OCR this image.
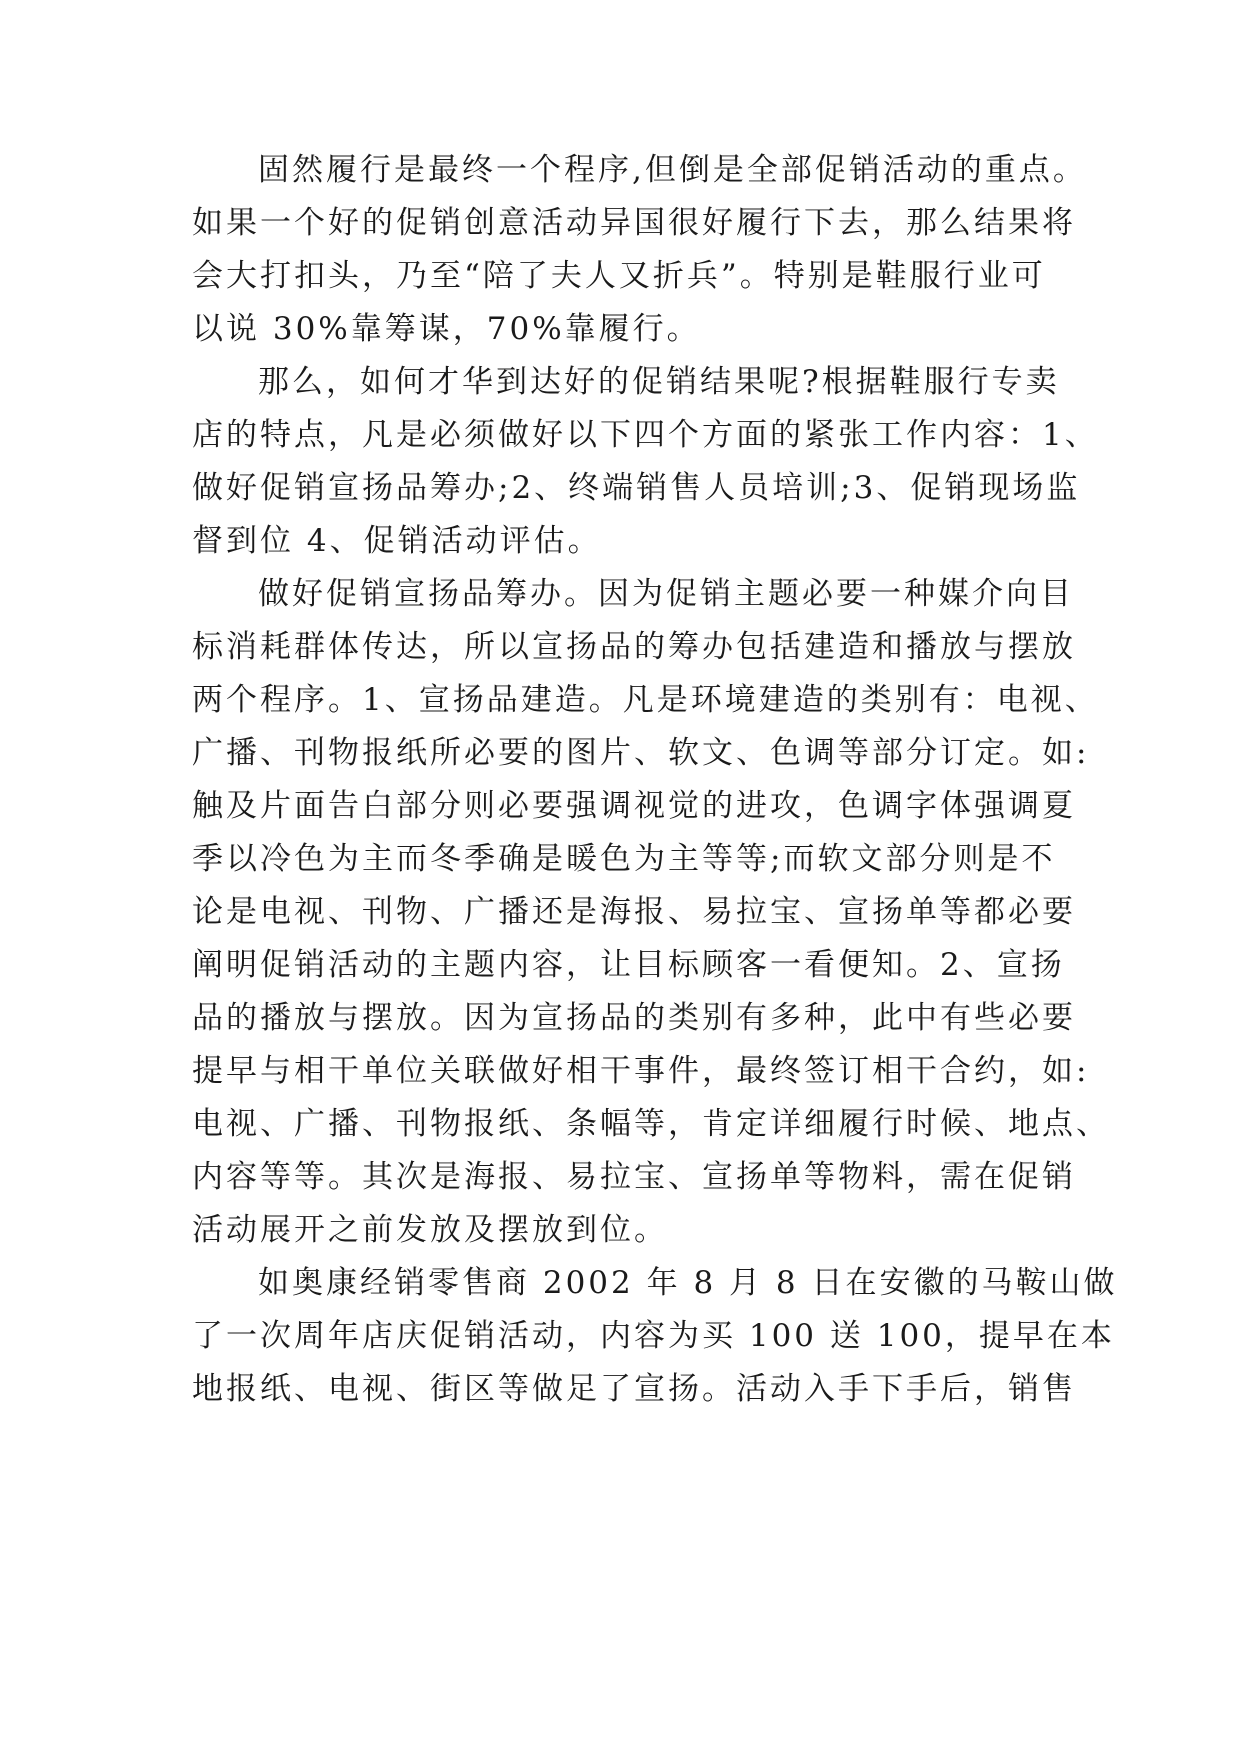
固然履行是最终一个程序,但倒是全部促销活动的重点。
如果一个好的促销创意活动异国很好履行下去，那么结果将
会大打扣头，乃至“陪了夫人又折兵”。特别是鞋服行业可
以说 30%靠筹谋，70%靠履行。
那么，如何才华到达好的促销结果呢?根据鞋服行专卖
店的特点，凡是必须做好以下四个方面的紧张工作内容：1、
做好促销宣扬品筹办;2、终端销售人员培训;3、促销现场监
督到位 4、促销活动评估。
做好促销宣扬品筹办。因为促销主题必要一种媒介向目
标消耗群体传达，所以宣扬品的筹办包括建造和播放与摆放
两个程序。1、宣扬品建造。凡是环境建造的类别有：电视、
广播、刊物报纸所必要的图片、软文、色调等部分订定。如:
触及片面告白部分则必要强调视觉的进攻，色调字体强调夏
季以冷色为主而冬季确是暖色为主等等;而软文部分则是不
论是电视、刊物、广播还是海报、易拉宝、宣扬单等都必要
阐明促销活动的主题内容，让目标顾客一看便知。2、宣扬
品的播放与摆放。因为宣扬品的类别有多种，此中有些必要
提早与相干单位关联做好相干事件，最终签订相干合约，如:
电视、广播、刊物报纸、条幅等，肯定详细履行时候、地点、
内容等等。其次是海报、易拉宝、宣扬单等物料，需在促销
活动展开之前发放及摆放到位。
如奥康经销零售商 2002 年 8 月 8 日在安徽的马鞍山做
了一次周年店庆促销活动，内容为买 100 送 100，提早在本
地报纸、电视、街区等做足了宣扬。活动入手下手后，销售
